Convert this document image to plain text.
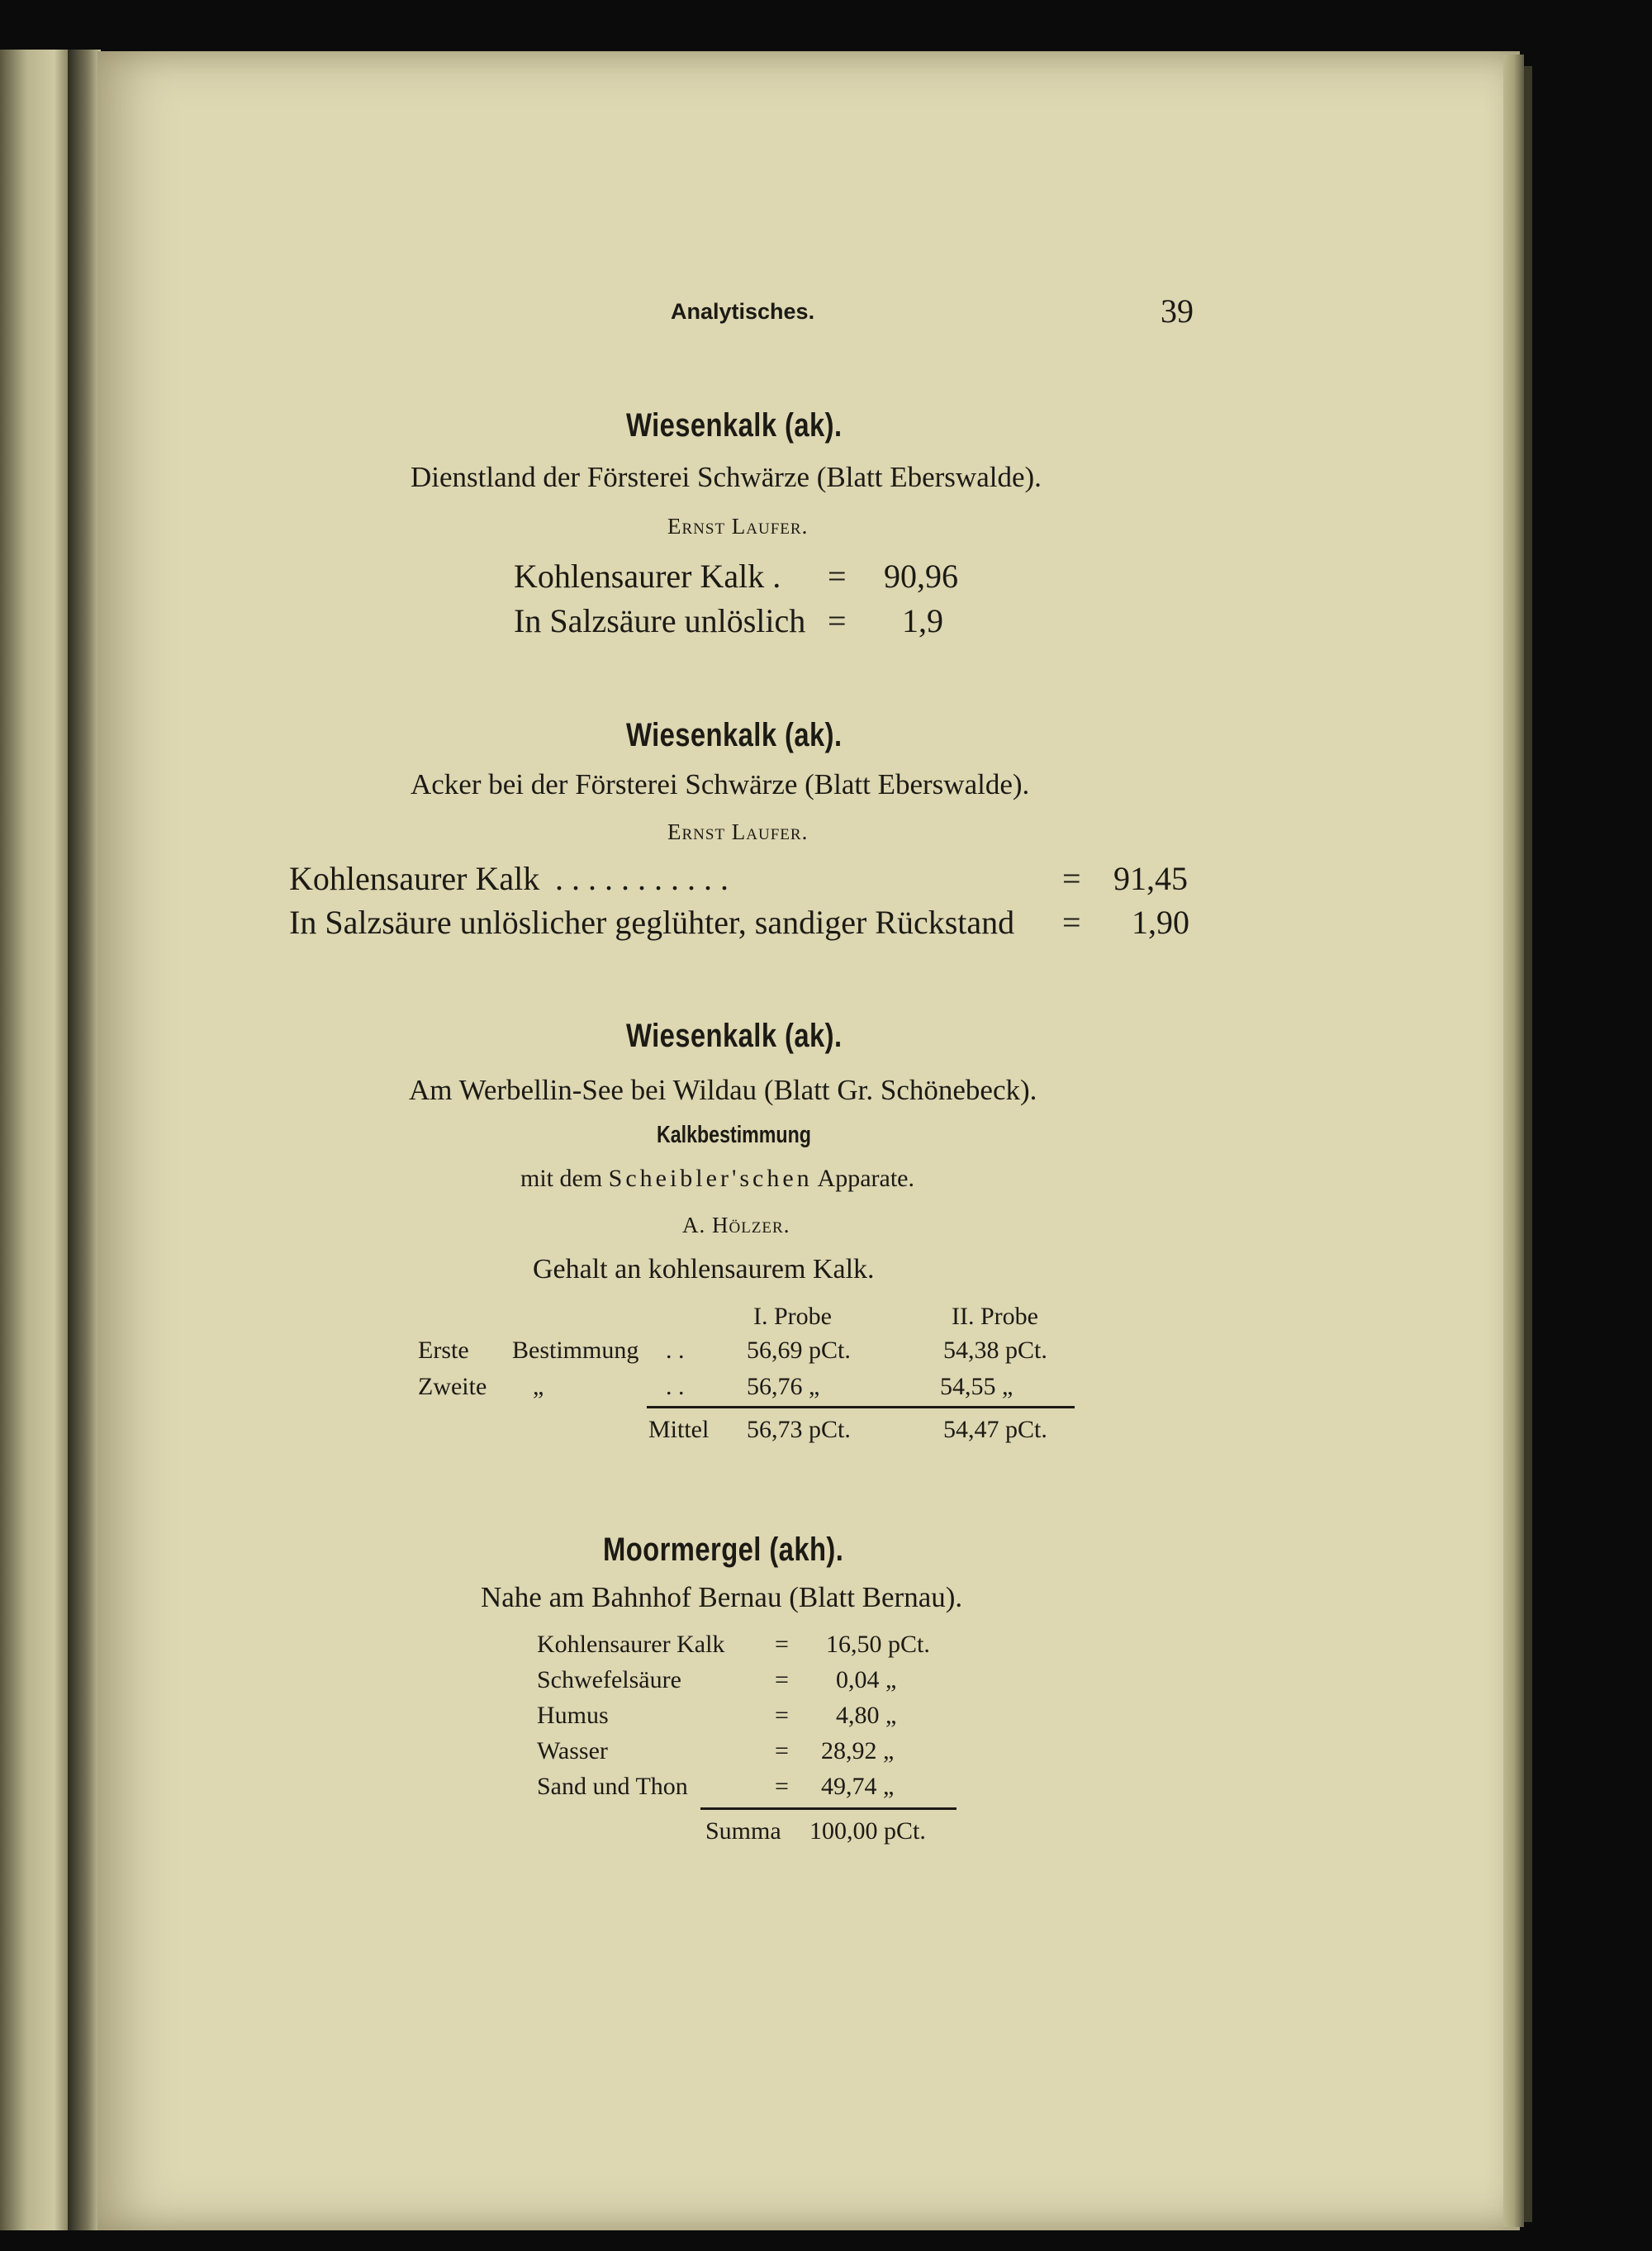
Analytisches.	39
Wiesenkalk (ak).
Dienstland der Försterei Schwärze (Blatt Eberswalde).
Ernst Laufer.
Kohlensaurer Kalk . = 90,96
In Salzsäure unlöslich = 1,9
Wiesenkalk (ak).
Acker bei der Försterei Schwärze (Blatt Eberswalde).
Ernst Laufer.
Kohlensaurer Kalk . . . . . . . . . . .	= 91,45
In Salzsäure unlöslicher geglühter, sandiger Rückstand = 1,90
Wiesenkalk (ak).
Am Werbellin-See bei Wildau (Blatt Gr. Schönebeck).
Kalkbestimmung
mit dem Scheibler'schen Apparate.
A. Hölzer.
Gehalt an kohlensaurem Kalk.
I. Probe	II. Probe
Erste Bestimmung . .	56,69 pCt.	54,38 pCt.
Zweite „	. .	56,76 „	54,55 „
Mittel 56,73 pCt.	54,47 pCt.
Moormergel (akh).
Nahe am Bahnhof Bernau (Blatt Bernau).
Kohlensaurer Kalk = 16,50 pCt.
Schwefelsäure	= 0,04 „
Humus	= 4,80 „
Wasser	= 28,92 „
Sand und Thon	= 49,74 „
Summa 100,00 pCt.
